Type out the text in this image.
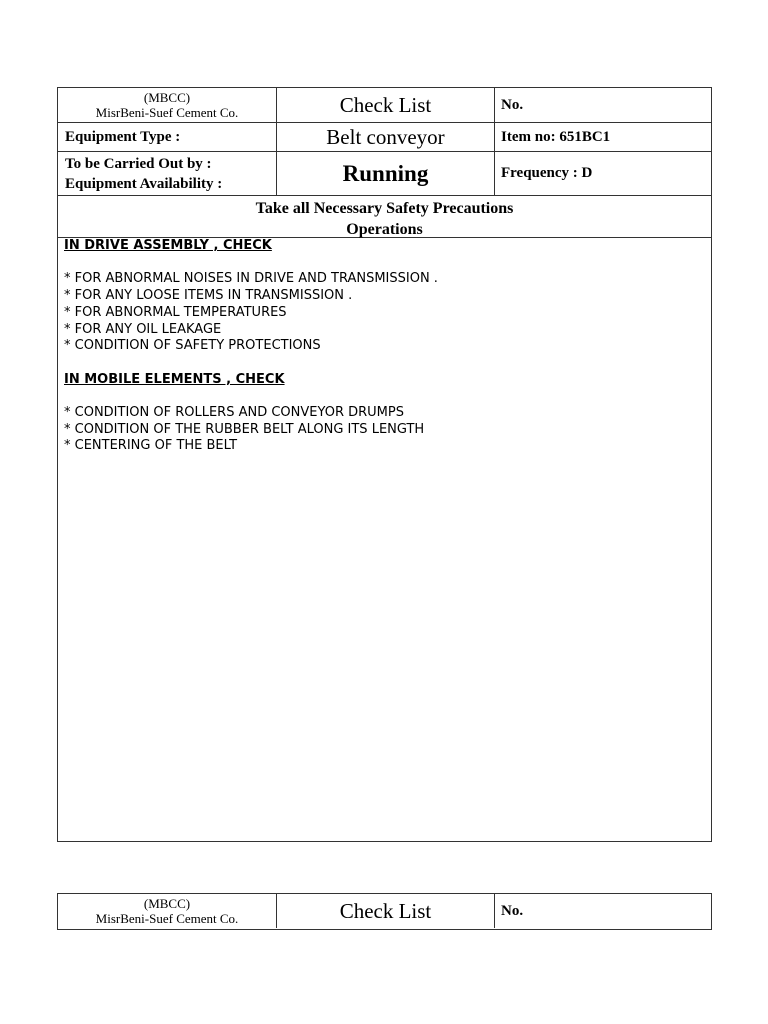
(MBCC)
MisrBeni-Suef Cement Co.	Check List	No.
Equipment Type :	Belt conveyor	Item no: 651BC1
To be Carried Out by :
Equipment Availability :	Running	Frequency : D
Take all Necessary Safety Precautions
Operations
IN DRIVE ASSEMBLY , CHECK
* FOR ABNORMAL NOISES IN DRIVE AND TRANSMISSION .
* FOR ANY LOOSE ITEMS IN TRANSMISSION .
* FOR ABNORMAL TEMPERATURES
* FOR ANY OIL LEAKAGE
* CONDITION OF SAFETY PROTECTIONS
IN MOBILE ELEMENTS , CHECK
* CONDITION OF ROLLERS AND CONVEYOR DRUMPS
* CONDITION OF THE RUBBER BELT ALONG ITS LENGTH
* CENTERING OF THE BELT
(MBCC)
MisrBeni-Suef Cement Co.	Check List	No.
